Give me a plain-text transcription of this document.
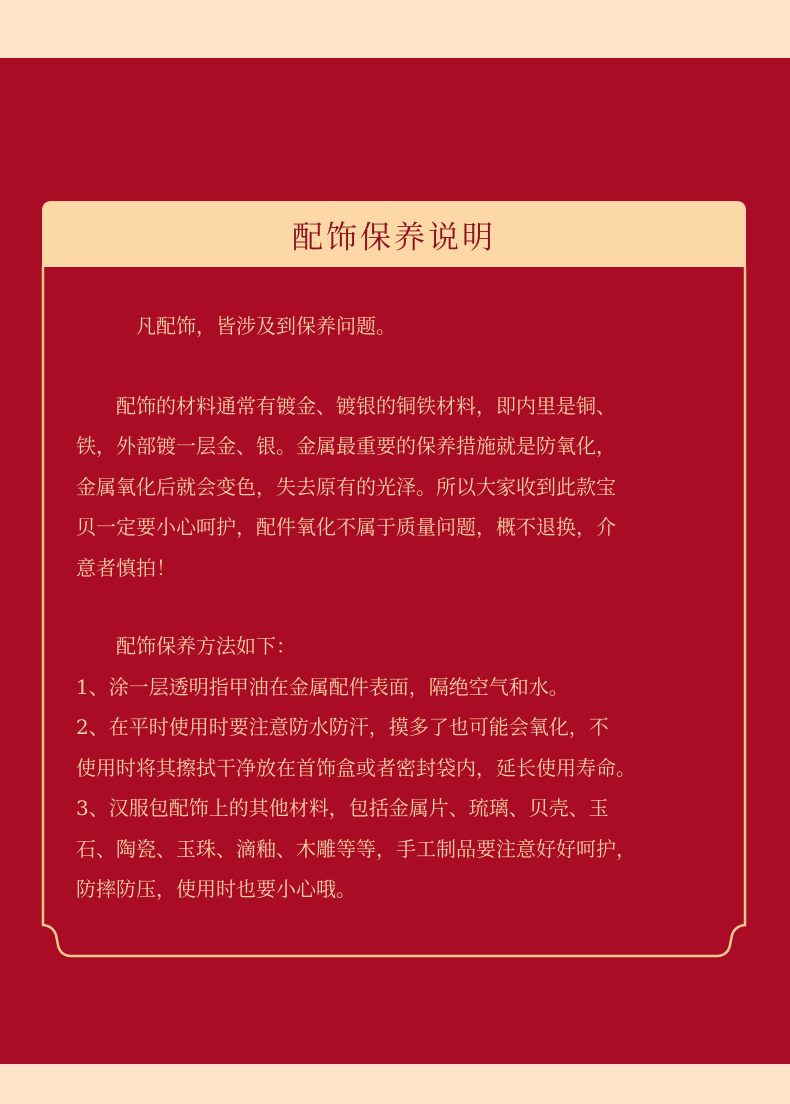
配饰保养说明

　　　凡配饰，皆涉及到保养问题。

　　配饰的材料通常有镀金、镀银的铜铁材料，即内里是铜、

铁，外部镀一层金、银。金属最重要的保养措施就是防氧化，

金属氧化后就会变色，失去原有的光泽。所以大家收到此款宝

贝一定要小心呵护，配件氧化不属于质量问题，概不退换，介

意者慎拍！

　　配饰保养方法如下：

1、涂一层透明指甲油在金属配件表面，隔绝空气和水。

2、在平时使用时要注意防水防汗，摸多了也可能会氧化，不

使用时将其擦拭干净放在首饰盒或者密封袋内，延长使用寿命。

3、汉服包配饰上的其他材料，包括金属片、琉璃、贝壳、玉

石、陶瓷、玉珠、滴釉、木雕等等，手工制品要注意好好呵护，

防摔防压，使用时也要小心哦。
